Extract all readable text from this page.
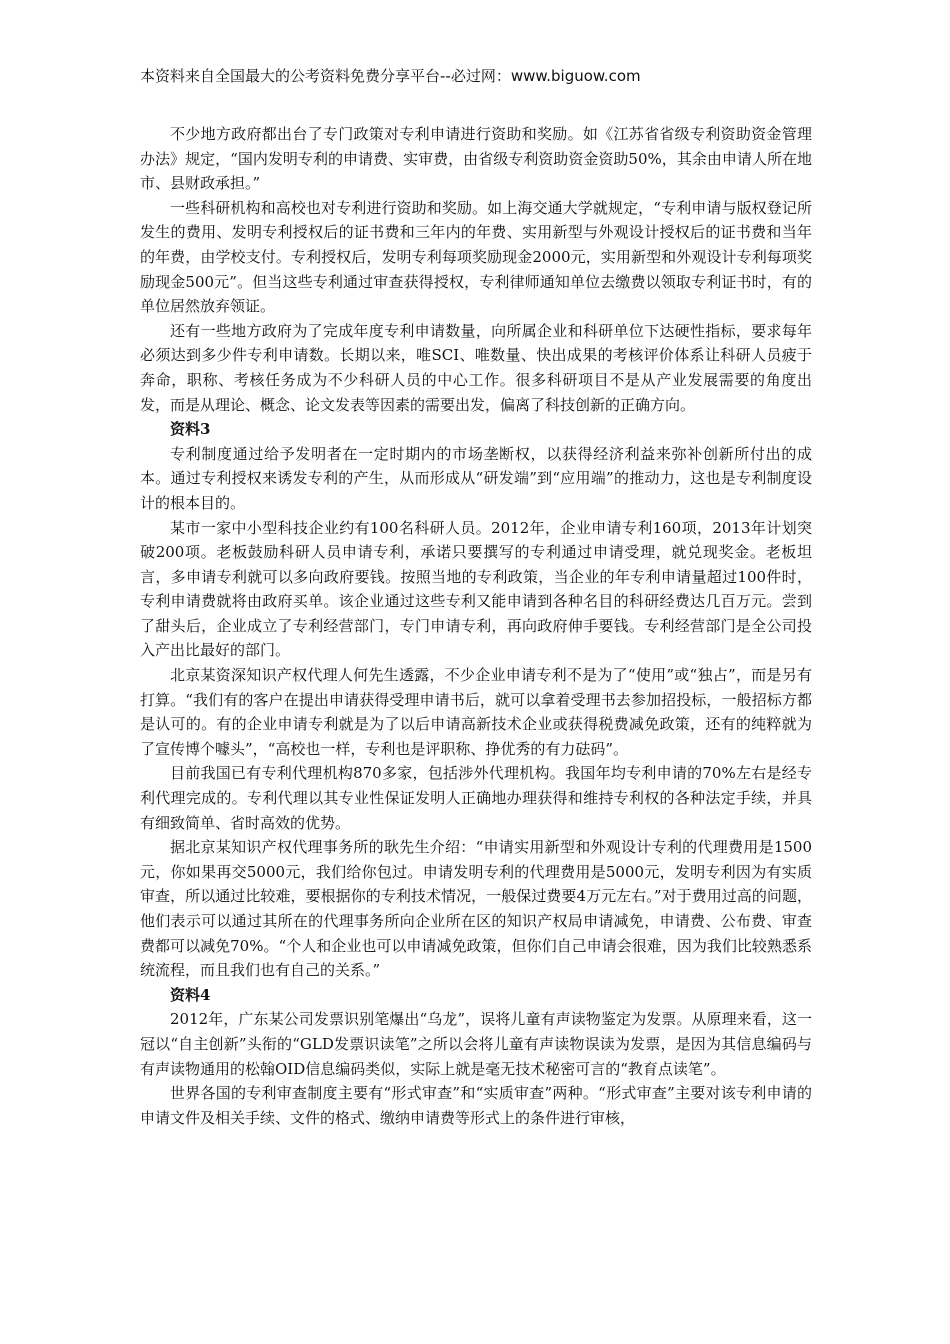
本资料来自全国最大的公考资料免费分享平台--必过网：www.biguow.com

不少地方政府都出台了专门政策对专利申请进行资助和奖励。如《江苏省省级专利资助资金管理办法》规定，“国内发明专利的申请费、实审费，由省级专利资助资金资助50%，其余由申请人所在地市、县财政承担。”

一些科研机构和高校也对专利进行资助和奖励。如上海交通大学就规定，“专利申请与版权登记所发生的费用、发明专利授权后的证书费和三年内的年费、实用新型与外观设计授权后的证书费和当年的年费，由学校支付。专利授权后，发明专利每项奖励现金2000元，实用新型和外观设计专利每项奖励现金500元”。但当这些专利通过审查获得授权，专利律师通知单位去缴费以领取专利证书时，有的单位居然放弃领证。

还有一些地方政府为了完成年度专利申请数量，向所属企业和科研单位下达硬性指标，要求每年必须达到多少件专利申请数。长期以来，唯SCI、唯数量、快出成果的考核评价体系让科研人员疲于奔命，职称、考核任务成为不少科研人员的中心工作。很多科研项目不是从产业发展需要的角度出发，而是从理论、概念、论文发表等因素的需要出发，偏离了科技创新的正确方向。

资料3

专利制度通过给予发明者在一定时期内的市场垄断权，以获得经济利益来弥补创新所付出的成本。通过专利授权来诱发专利的产生，从而形成从“研发端”到“应用端”的推动力，这也是专利制度设计的根本目的。

某市一家中小型科技企业约有100名科研人员。2012年，企业申请专利160项，2013年计划突破200项。老板鼓励科研人员申请专利，承诺只要撰写的专利通过申请受理，就兑现奖金。老板坦言，多申请专利就可以多向政府要钱。按照当地的专利政策，当企业的年专利申请量超过100件时，专利申请费就将由政府买单。该企业通过这些专利又能申请到各种名目的科研经费达几百万元。尝到了甜头后，企业成立了专利经营部门，专门申请专利，再向政府伸手要钱。专利经营部门是全公司投入产出比最好的部门。

北京某资深知识产权代理人何先生透露，不少企业申请专利不是为了“使用”或“独占”，而是另有打算。“我们有的客户在提出申请获得受理申请书后，就可以拿着受理书去参加招投标，一般招标方都是认可的。有的企业申请专利就是为了以后申请高新技术企业或获得税费减免政策，还有的纯粹就为了宣传博个噱头”，“高校也一样，专利也是评职称、挣优秀的有力砝码”。

目前我国已有专利代理机构870多家，包括涉外代理机构。我国年均专利申请的70%左右是经专利代理完成的。专利代理以其专业性保证发明人正确地办理获得和维持专利权的各种法定手续，并具有细致简单、省时高效的优势。

据北京某知识产权代理事务所的耿先生介绍：“申请实用新型和外观设计专利的代理费用是1500元，你如果再交5000元，我们给你包过。申请发明专利的代理费用是5000元，发明专利因为有实质审查，所以通过比较难，要根据你的专利技术情况，一般保过费要4万元左右。”对于费用过高的问题，他们表示可以通过其所在的代理事务所向企业所在区的知识产权局申请减免，申请费、公布费、审查费都可以减免70%。“个人和企业也可以申请减免政策，但你们自己申请会很难，因为我们比较熟悉系统流程，而且我们也有自己的关系。”

资料4

2012年，广东某公司发票识别笔爆出“乌龙”，误将儿童有声读物鉴定为发票。从原理来看，这一冠以“自主创新”头衔的“GLD发票识读笔”之所以会将儿童有声读物误读为发票，是因为其信息编码与有声读物通用的松翰OID信息编码类似，实际上就是毫无技术秘密可言的“教育点读笔”。

世界各国的专利审查制度主要有“形式审查”和“实质审查”两种。“形式审查”主要对该专利申请的申请文件及相关手续、文件的格式、缴纳申请费等形式上的条件进行审核，
